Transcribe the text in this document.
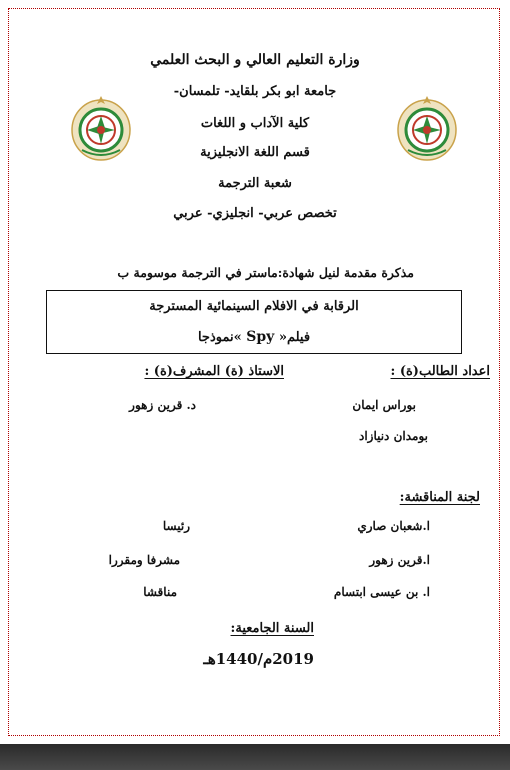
وزارة التعليم العالي و البحث العلمي
جامعة ابو بكر بلقايد- تلمسان-
كلية الآداب و اللغات
قسم اللغة الانجليزية
شعبة الترجمة
تخصص عربي- انجليزي- عربي
مذكرة مقدمة لنيل شهادة:ماستر في الترجمة موسومة ب
الرقابة في الافلام السينمائية المسترجة
فيلم« Spy »نموذجا
اعداد الطالب(ة) :
الاستاذ (ة) المشرف(ة) :
بوراس ايمان
بومدان دنيازاد
د. قرين زهور
لجنة المناقشة:
ا.شعبان صاري
رئيسا
ا.قرين زهور
مشرفا ومقررا
ا. بن عيسى ابتسام
مناقشا
السنة الجامعية:
2019م/1440هـ
